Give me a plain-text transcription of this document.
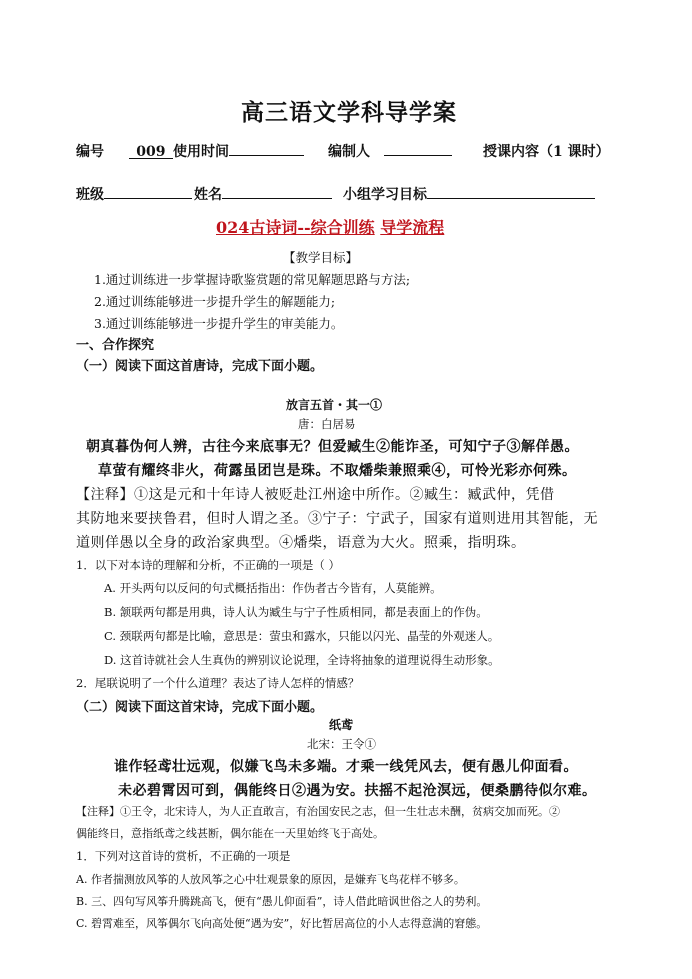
高三语文学科导学案
编号 009 使用时间	编制人	授课内容（1 课时）
班级	姓名	小组学习目标
024古诗词--综合训练 导学流程
【教学目标】
1.通过训练进一步掌握诗歌鉴赏题的常见解题思路与方法;
2.通过训练能够进一步提升学生的解题能力;
3.通过训练能够进一步提升学生的审美能力。
一、合作探究
（一）阅读下面这首唐诗，完成下面小题。
放言五首・其一①
唐：白居易
朝真暮伪何人辨，古往今来底事无？但爱臧生②能诈圣，可知宁子③解佯愚。
草萤有耀终非火，荷露虽团岂是珠。不取燔柴兼照乘④，可怜光彩亦何殊。
【注释】①这是元和十年诗人被贬赴江州途中所作。②臧生：臧武仲，凭借
其防地来要挟鲁君，但时人谓之圣。③宁子：宁武子，国家有道则进用其智能，无
道则佯愚以全身的政治家典型。④燔柴，语意为大火。照乘，指明珠。
1．以下对本诗的理解和分析，不正确的一项是（ ）
A. 开头两句以反问的句式概括指出：作伪者古今皆有，人莫能辨。
B. 颔联两句都是用典，诗人认为臧生与宁子性质相同，都是表面上的作伪。
C. 颈联两句都是比喻，意思是：萤虫和露水，只能以闪光、晶莹的外观迷人。
D. 这首诗就社会人生真伪的辨别议论说理，全诗将抽象的道理说得生动形象。
2．尾联说明了一个什么道理？表达了诗人怎样的情感？
（二）阅读下面这首宋诗，完成下面小题。
纸鸢
北宋：王令①
谁作轻鸢壮远观，似嫌飞鸟未多端。才乘一线凭风去，便有愚儿仰面看。
未必碧霄因可到，偶能终日②遇为安。扶摇不起沧溟远，便桑鹏待似尔难。
【注释】①王令，北宋诗人，为人正直敢言，有治国安民之志，但一生壮志未酬，贫病交加而死。②
偶能终日，意指纸鸢之线甚断，偶尔能在一天里始终飞于高处。
1．下列对这首诗的赏析，不正确的一项是
A. 作者揣测放风筝的人放风筝之心中壮观景象的原因，是嫌弃飞鸟花样不够多。
B. 三、四句写风筝升腾跳高飞，便有“愚儿仰面看”，诗人借此暗讽世俗之人的势利。
C. 碧霄难至，风筝偶尔飞向高处便“遇为安”，好比暂居高位的小人志得意满的窘態。
